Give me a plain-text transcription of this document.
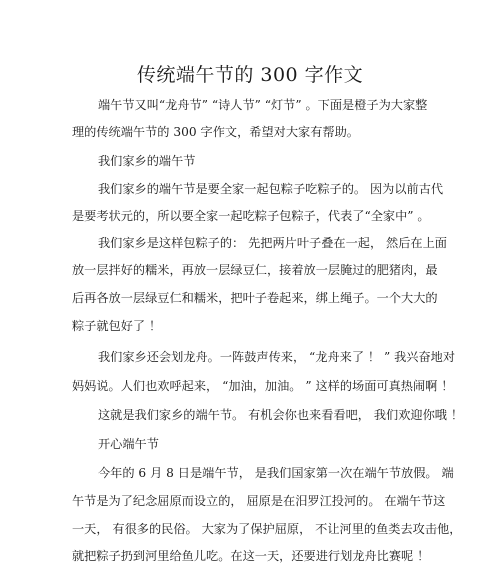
传统端午节的 300 字作文
端午节又叫“龙舟节” “诗人节” “灯节” 。下面是橙子为大家整
理的传统端午节的 300 字作文，希望对大家有帮助。
我们家乡的端午节
我们家乡的端午节是要全家一起包粽子吃粽子的。 因为以前古代
是要考状元的，所以要全家一起吃粽子包粽子，代表了“全家中” 。
我们家乡是这样包粽子的： 先把两片叶子叠在一起， 然后在上面
放一层拌好的糯米，再放一层绿豆仁，接着放一层腌过的肥猪肉，最
后再各放一层绿豆仁和糯米，把叶子卷起来，绑上绳子。一个大大的
粽子就包好了 ！
我们家乡还会划龙舟。一阵鼓声传来， “龙舟来了 ！ ” 我兴奋地对
妈妈说。人们也欢呼起来， “加油，加油。 ” 这样的场面可真热闹啊 ！
这就是我们家乡的端午节。 有机会你也来看看吧， 我们欢迎你哦 ！
开心端午节
今年的 6 月 8 日是端午节， 是我们国家第一次在端午节放假。 端
午节是为了纪念屈原而设立的， 屈原是在汨罗江投河的。 在端午节这
一天， 有很多的民俗。 大家为了保护屈原， 不让河里的鱼类去攻击他，
就把粽子扔到河里给鱼儿吃。在这一天，还要进行划龙舟比赛呢 ！
